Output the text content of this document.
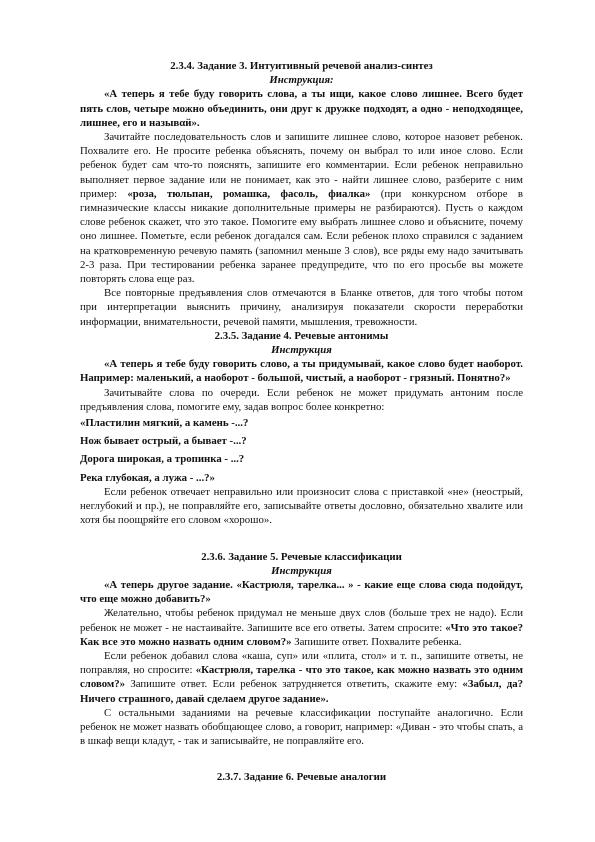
2.3.4. Задание 3. Интуитивный речевой анализ-синтез

Инструкция:

«А теперь я тебе буду говорить слова, а ты ищи, какое слово лишнее. Всего будет пять слов, четыре можно объединить, они друг к дружке подходят, а одно - неподходящее, лишнее, его и назывαй».

Зачитайте последовательность слов и запишите лишнее слово, которое назовет ребенок. Похвалите его. Не просите ребенка объяснять, почему он выбрал то или иное слово. Если ребенок будет сам что-то пояснять, запишите его комментарии. Если ребенок неправильно выполняет первое задание или не понимает, как это - найти лишнее слово, разберите с ним пример: «роза, тюльпан, ромашка, фасоль, фиалка» (при конкурсном отборе в гимназические классы никакие дополнительные примеры не разбираются). Пусть о каждом слове ребенок скажет, что это такое. Помогите ему выбрать лишнее слово и объясните, почему оно лишнее. Пометьте, если ребенок догадался сам. Если ребенок плохо справился с заданием на кратковременную речевую память (запомнил меньше 3 слов), все ряды ему надо зачитывать 2-3 раза. При тестировании ребенка заранее предупредите, что по его просьбе вы можете повторять слова еще раз.

Все повторные предъявления слов отмечаются в Бланке ответов, для того чтобы потом при интерпретации выяснить причину, анализируя показатели скорости переработки информации, внимательности, речевой памяти, мышления, тревожности.

2.3.5. Задание 4. Речевые антонимы

Инструкция

«А теперь я тебе буду говорить слово, а ты придумывай, какое слово будет наоборот. Например: маленький, а наоборот - большой, чистый, а наоборот - грязный. Понятно?»

Зачитывайте слова по очереди. Если ребенок не может придумать антоним после предъявления слова, помогите ему, задав вопрос более конкретно:

«Пластилин мягкий, а камень -...?

Нож бывает острый, а бывает -...?

Дорога широкая, а тропинка - ...?

Река глубокая, а лужа - ...?»

Если ребенок отвечает неправильно или произносит слова с приставкой «не» (неострый, неглубокий и пр.), не поправляйте его, записывайте ответы дословно, обязательно хвалите или хотя бы поощряйте его словом «хорошо».

2.3.6. Задание 5. Речевые классификации

Инструкция

«А теперь другое задание. «Кастрюля, тарелка... » - какие еще слова сюда подойдут, что еще можно добавить?»

Желательно, чтобы ребенок придумал не меньше двух слов (больше трех не надо). Если ребенок не может - не настаивайте. Запишите все его ответы. Затем спросите: «Что это такое? Как все это можно назвать одним словом?» Запишите ответ. Похвалите ребенка.

Если ребенок добавил слова «каша, суп» или «плита, стол» и т. п., запишите ответы, не поправляя, но спросите: «Кастрюля, тарелка - что это такое, как можно назвать это одним словом?» Запишите ответ. Если ребенок затрудняется ответить, скажите ему: «Забыл, да? Ничего страшного, давай сделаем другое задание».

С остальными заданиями на речевые классификации поступайте аналогично. Если ребенок не может назвать обобщающее слово, а говорит, например: «Диван - это чтобы спать, а в шкаф вещи кладут, - так и записывайте, не поправляйте его.

2.3.7. Задание 6. Речевые аналогии
